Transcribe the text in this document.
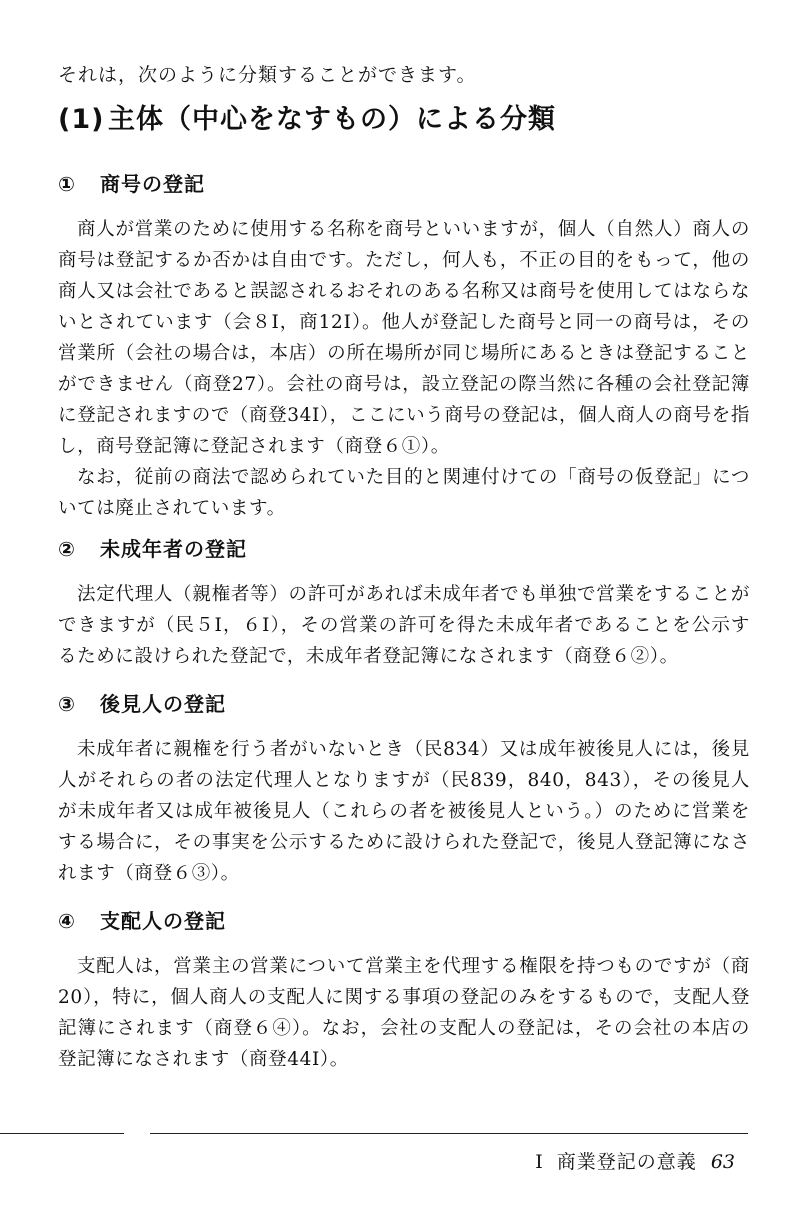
それは，次のように分類することができます。
(1) 主体（中心をなすもの）による分類
① 商号の登記

商人が営業のために使用する名称を商号といいますが，個人（自然人）商人の商号は登記するか否かは自由です。ただし，何人も，不正の目的をもって，他の商人又は会社であると誤認されるおそれのある名称又は商号を使用してはならないとされています（会８Ⅰ，商12Ⅰ）。他人が登記した商号と同一の商号は，その営業所（会社の場合は，本店）の所在場所が同じ場所にあるときは登記することができません（商登27）。会社の商号は，設立登記の際当然に各種の会社登記簿に登記されますので（商登34Ⅰ），ここにいう商号の登記は，個人商人の商号を指し，商号登記簿に登記されます（商登６①）。

なお，従前の商法で認められていた目的と関連付けての「商号の仮登記」については廃止されています。

② 未成年者の登記

法定代理人（親権者等）の許可があれば未成年者でも単独で営業をすることができますが（民５Ⅰ，６Ⅰ），その営業の許可を得た未成年者であることを公示するために設けられた登記で，未成年者登記簿になされます（商登６②）。

③ 後見人の登記

未成年者に親権を行う者がいないとき（民834）又は成年被後見人には，後見人がそれらの者の法定代理人となりますが（民839，840，843），その後見人が未成年者又は成年被後見人（これらの者を被後見人という。）のために営業をする場合に，その事実を公示するために設けられた登記で，後見人登記簿になされます（商登６③）。

④ 支配人の登記

支配人は，営業主の営業について営業主を代理する権限を持つものですが（商20），特に，個人商人の支配人に関する事項の登記のみをするもので，支配人登記簿にされます（商登６④）。なお，会社の支配人の登記は，その会社の本店の登記簿になされます（商登44Ⅰ）。

Ⅰ 商業登記の意義 63
